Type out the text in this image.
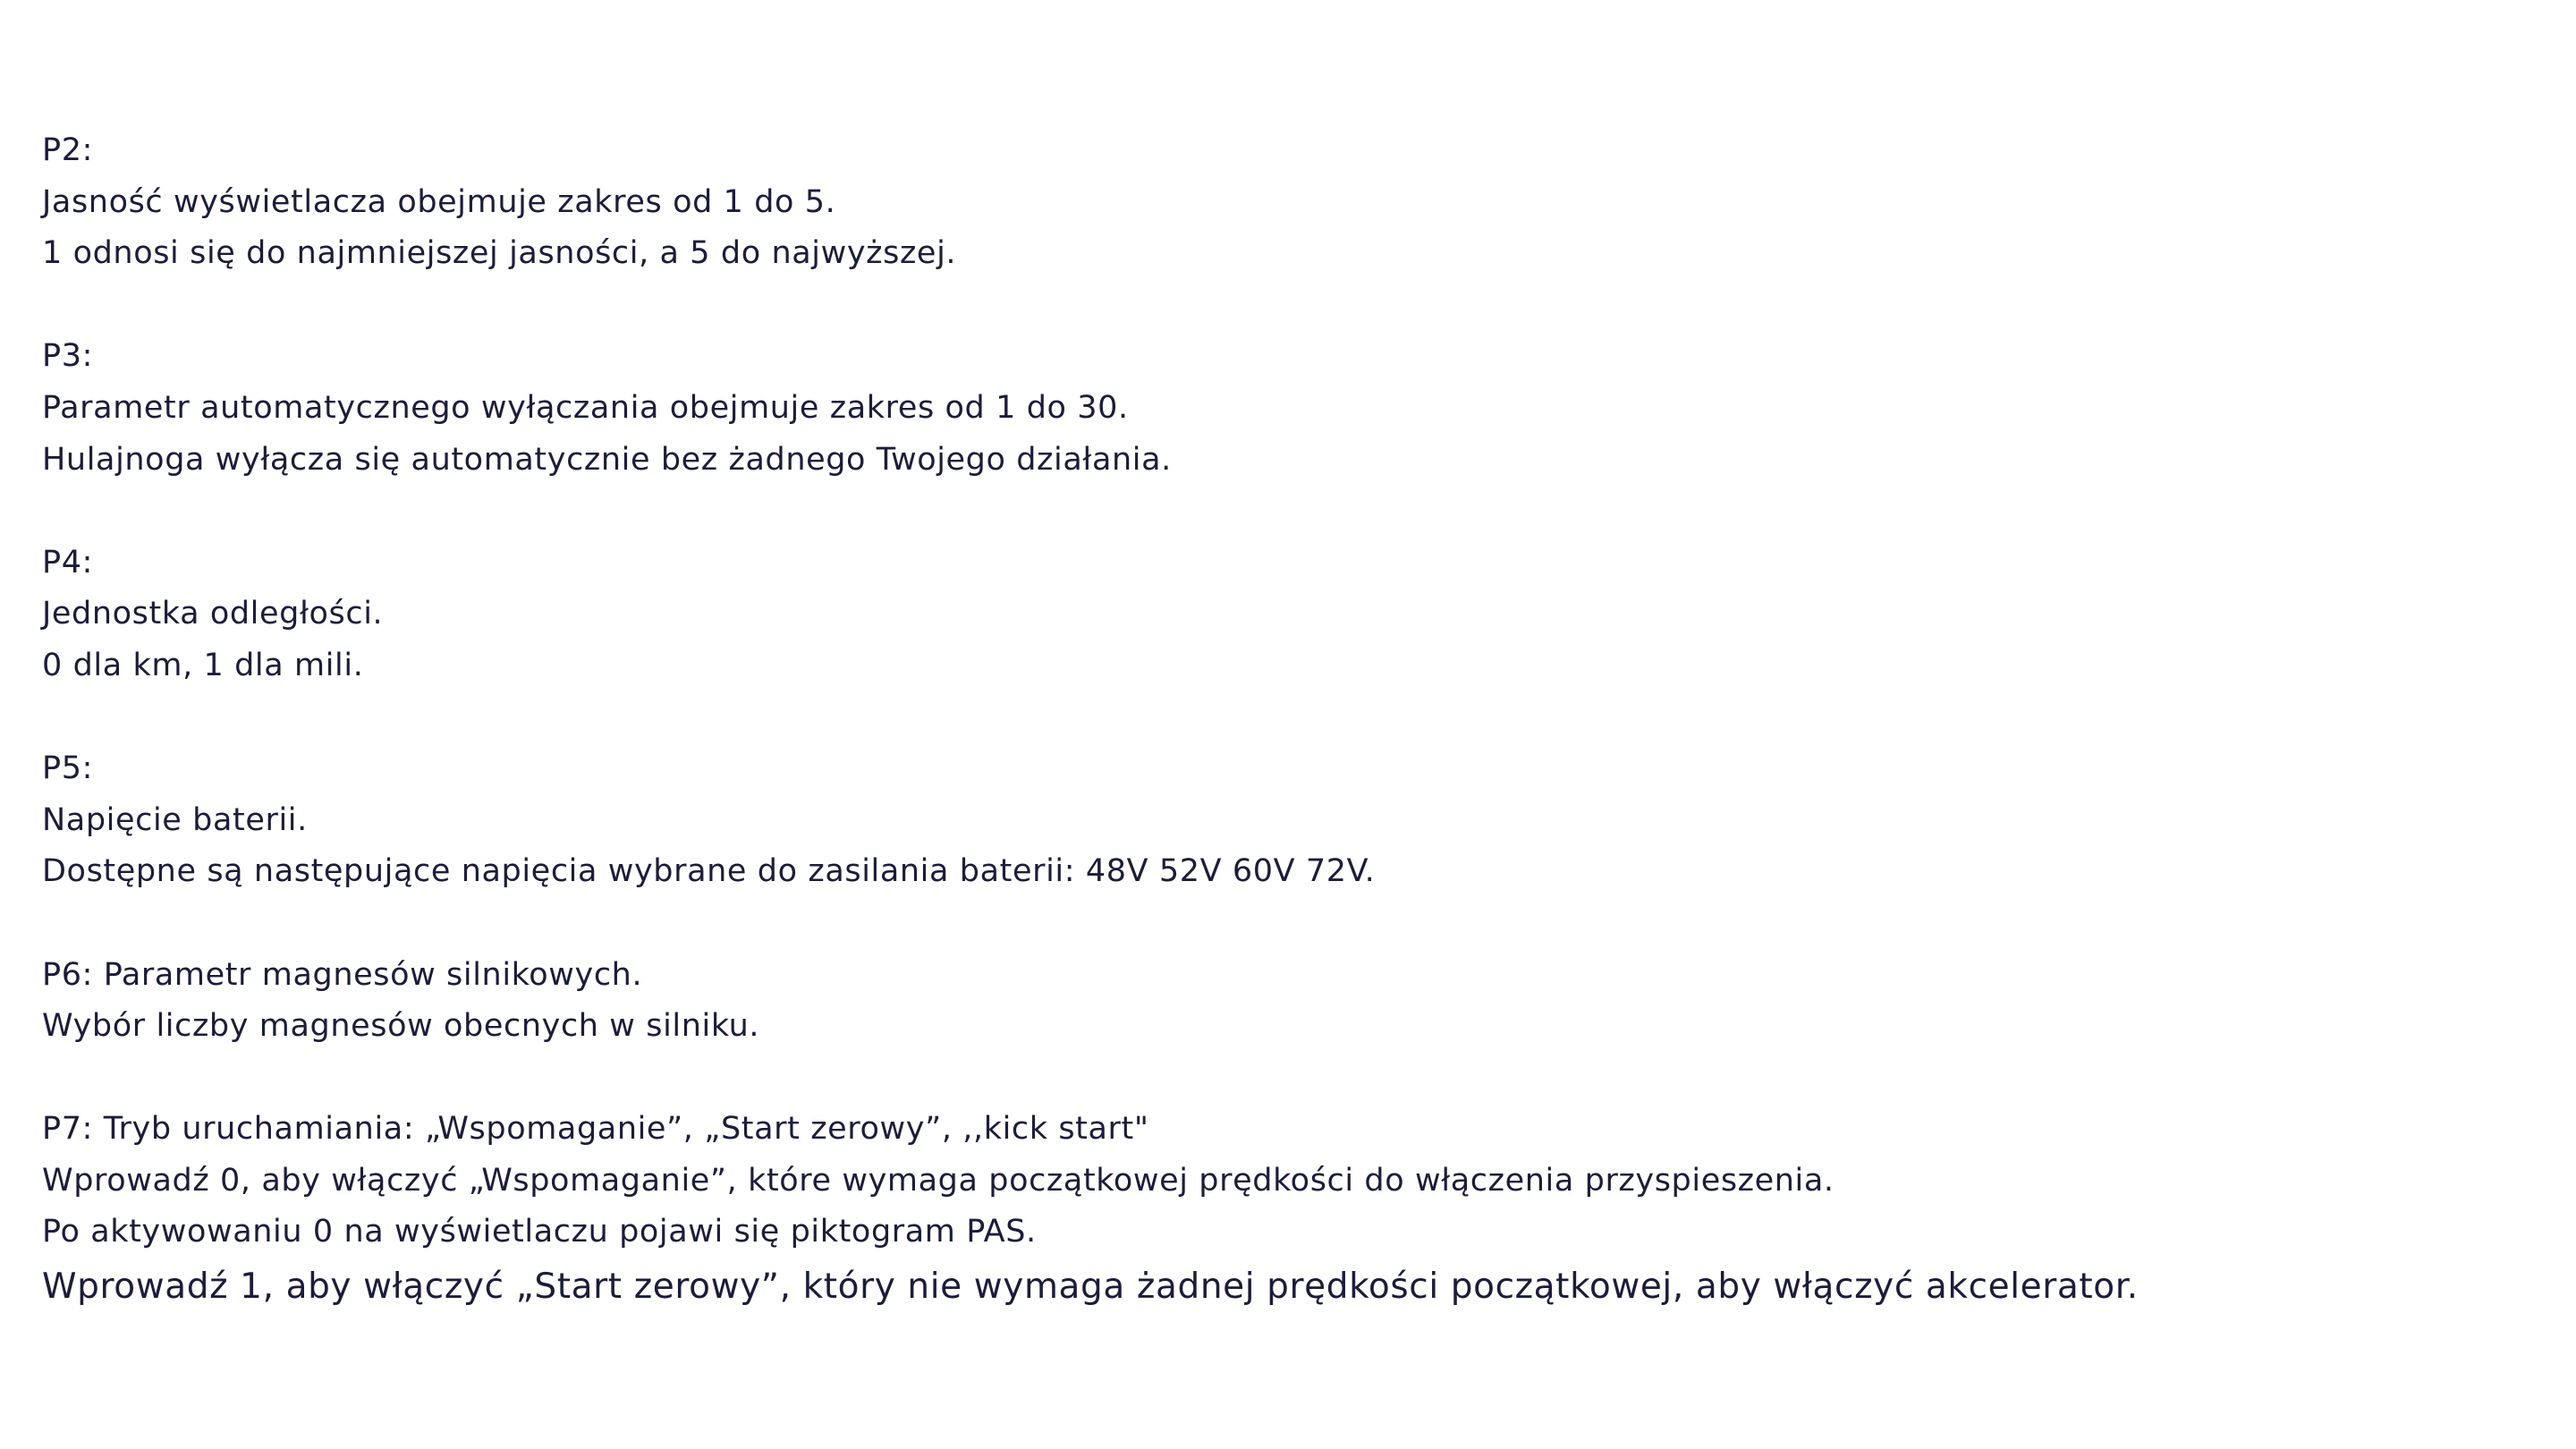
P2:
Jasność wyświetlacza obejmuje zakres od 1 do 5.
1 odnosi się do najmniejszej jasności, a 5 do najwyższej.
P3:
Parametr automatycznego wyłączania obejmuje zakres od 1 do 30.
Hulajnoga wyłącza się automatycznie bez żadnego Twojego działania.
P4:
Jednostka odległości.
0 dla km, 1 dla mili.
P5:
Napięcie baterii.
Dostępne są następujące napięcia wybrane do zasilania baterii: 48V 52V 60V 72V.
P6: Parametr magnesów silnikowych.
Wybór liczby magnesów obecnych w silniku.
P7: Tryb uruchamiania: „Wspomaganie”, „Start zerowy”, ,,kick start"
Wprowadź 0, aby włączyć „Wspomaganie”, które wymaga początkowej prędkości do włączenia przyspieszenia.
Po aktywowaniu 0 na wyświetlaczu pojawi się piktogram PAS.
Wprowadź 1, aby włączyć „Start zerowy”, który nie wymaga żadnej prędkości początkowej, aby włączyć akcelerator.
